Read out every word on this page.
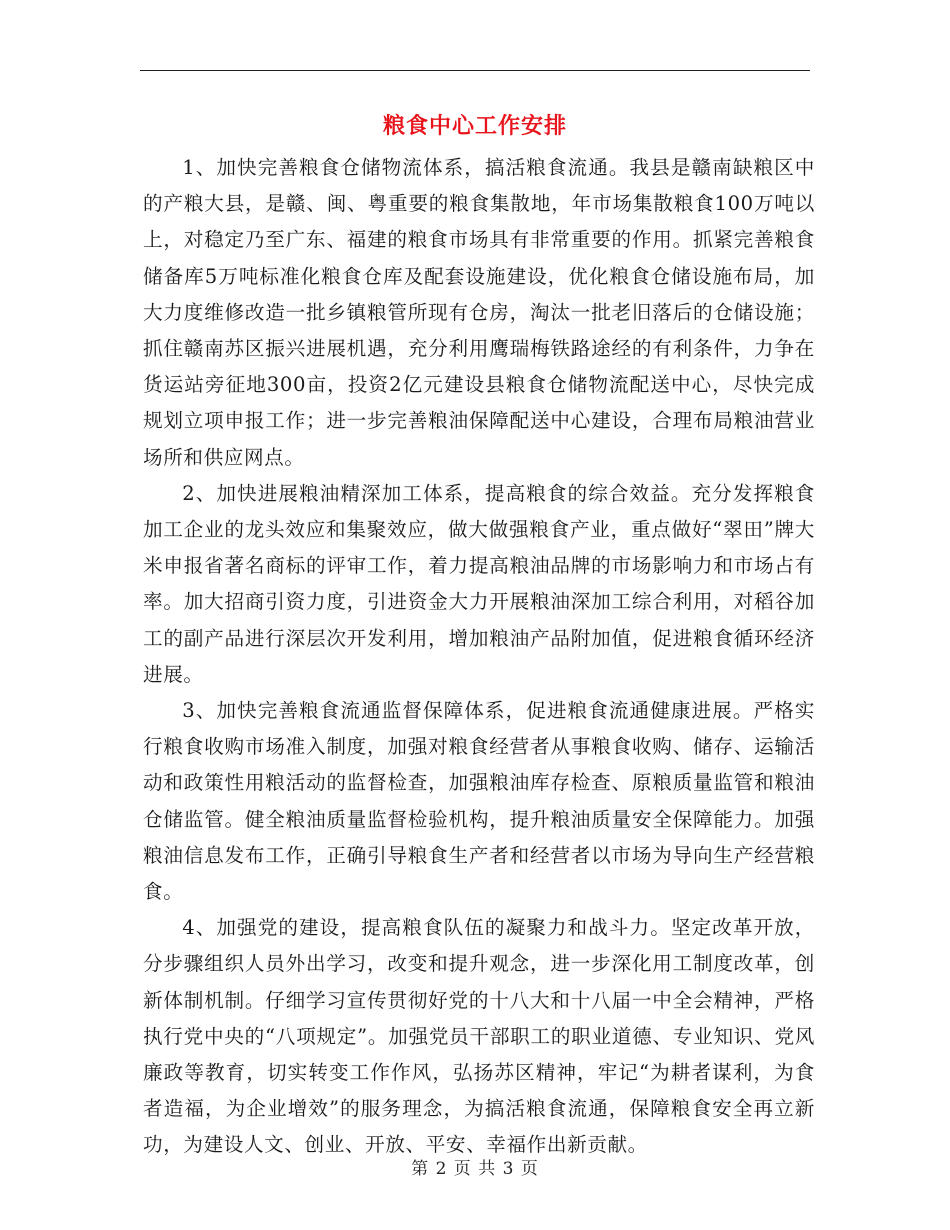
粮食中心工作安排

1、加快完善粮食仓储物流体系，搞活粮食流通。我县是赣南缺粮区中的产粮大县，是赣、闽、粤重要的粮食集散地，年市场集散粮食100万吨以上，对稳定乃至广东、福建的粮食市场具有非常重要的作用。抓紧完善粮食储备库5万吨标准化粮食仓库及配套设施建设，优化粮食仓储设施布局，加大力度维修改造一批乡镇粮管所现有仓房，淘汰一批老旧落后的仓储设施；抓住赣南苏区振兴进展机遇，充分利用鹰瑞梅铁路途经的有利条件，力争在货运站旁征地300亩，投资2亿元建设县粮食仓储物流配送中心，尽快完成规划立项申报工作；进一步完善粮油保障配送中心建设，合理布局粮油营业场所和供应网点。

2、加快进展粮油精深加工体系，提高粮食的综合效益。充分发挥粮食加工企业的龙头效应和集聚效应，做大做强粮食产业，重点做好“翠田”牌大米申报省著名商标的评审工作，着力提高粮油品牌的市场影响力和市场占有率。加大招商引资力度，引进资金大力开展粮油深加工综合利用，对稻谷加工的副产品进行深层次开发利用，增加粮油产品附加值，促进粮食循环经济进展。

3、加快完善粮食流通监督保障体系，促进粮食流通健康进展。严格实行粮食收购市场准入制度，加强对粮食经营者从事粮食收购、储存、运输活动和政策性用粮活动的监督检查，加强粮油库存检查、原粮质量监管和粮油仓储监管。健全粮油质量监督检验机构，提升粮油质量安全保障能力。加强粮油信息发布工作，正确引导粮食生产者和经营者以市场为导向生产经营粮食。

4、加强党的建设，提高粮食队伍的凝聚力和战斗力。坚定改革开放，分步骤组织人员外出学习，改变和提升观念，进一步深化用工制度改革，创新体制机制。仔细学习宣传贯彻好党的十八大和十八届一中全会精神，严格执行党中央的“八项规定”。加强党员干部职工的职业道德、专业知识、党风廉政等教育，切实转变工作作风，弘扬苏区精神，牢记“为耕者谋利，为食者造福，为企业增效”的服务理念，为搞活粮食流通，保障粮食安全再立新功，为建设人文、创业、开放、平安、幸福作出新贡献。

第 2 页 共 3 页
